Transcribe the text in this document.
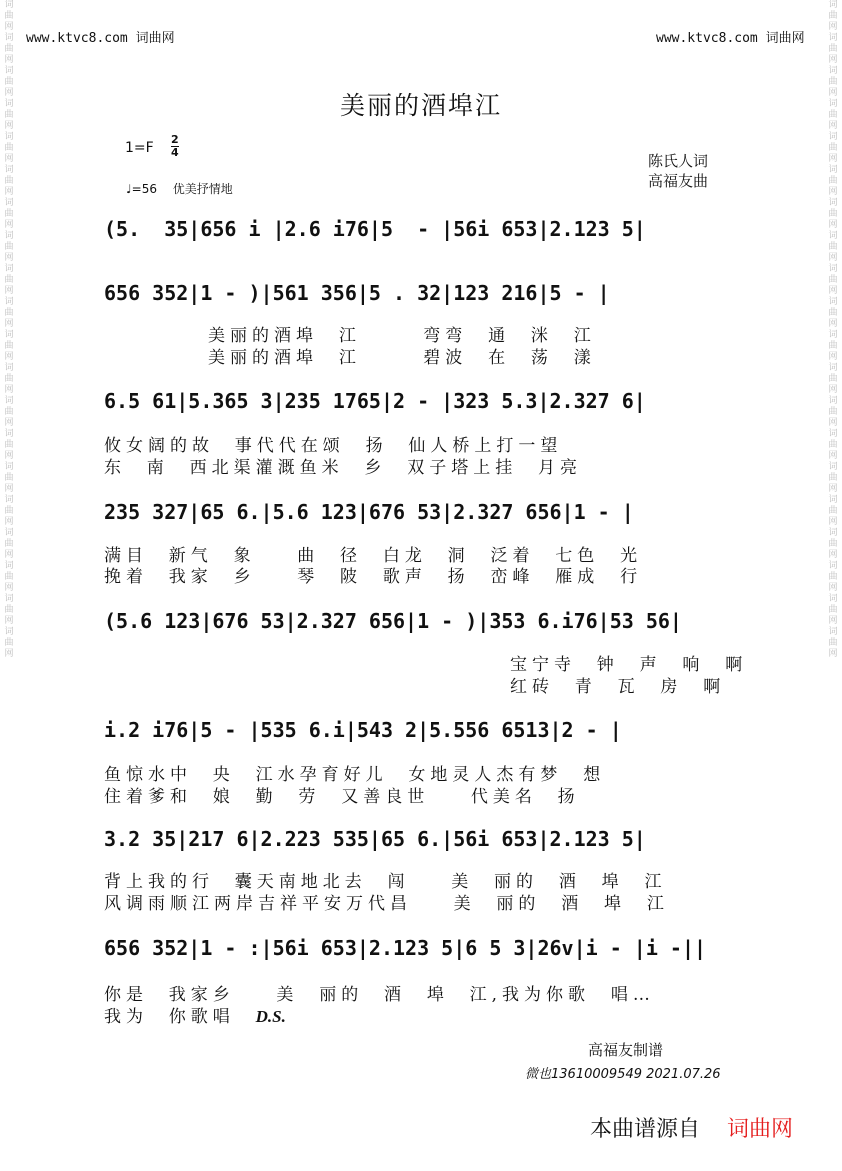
词曲网 词曲网 词曲网 词曲网 词曲网 词曲网 词曲网 词曲网 词曲网 词曲网 词曲网 词曲网 词曲网 词曲网 词曲网 词曲网 词曲网 词曲网 词曲网 词曲网
词曲网 词曲网 词曲网 词曲网 词曲网 词曲网 词曲网 词曲网 词曲网 词曲网 词曲网 词曲网 词曲网 词曲网 词曲网 词曲网 词曲网 词曲网 词曲网 词曲网
www.ktvc8.com 词曲网	www.ktvc8.com 词曲网
美丽的酒埠江
$1=F \frac{2}{4}$
♩=56　 优美抒情地
陈氏人词
高福友曲
(5.  35|656 i |2.6 i76|5  - |56i 653|2.123 5|
656 352|1 - )|561 356|5 . 32|123 216|5 - |
美丽的酒埠  江      弯弯  通  洣  江
美丽的酒埠  江      碧波  在  荡  漾
6.5 61|5.365 3|235 1765|2 - |323 5.3|2.327 6|
攸女阔的故  事代代在颂  扬  仙人桥上打一望
东  南  西北渠灌溉鱼米  乡  双子塔上挂  月亮
235 327|65 6.|5.6 123|676 53|2.327 656|1 - |
满目  新气  象    曲  径  白龙  洞  泛着  七色  光
挽着  我家  乡    琴  陂  歌声  扬  峦峰  雁成  行
(5.6 123|676 53|2.327 656|1 - )|353 6.i76|53 56|
宝宁寺  钟  声  响  啊
红砖  青  瓦  房  啊
i.2 i76|5 - |535 6.i|543 2|5.556 6513|2 - |
鱼惊水中  央  江水孕育好儿  女地灵人杰有梦  想
住着爹和  娘  勤  劳  又善良世    代美名  扬
3.2 35|217 6|2.223 535|65 6.|56i 653|2.123 5|
背上我的行  囊天南地北去  闯    美  丽的  酒  埠  江
风调雨顺江两岸吉祥平安万代昌    美  丽的  酒  埠  江
656 352|1 - :|56i 653|2.123 5|6 5 3|26v|i - |i -||
你是  我家乡    美  丽的  酒  埠  江,我为你歌  唱…
我为  你歌唱 D.S.
高福友制谱
微也13610009549 2021.07.26
本曲谱源自 词曲网
